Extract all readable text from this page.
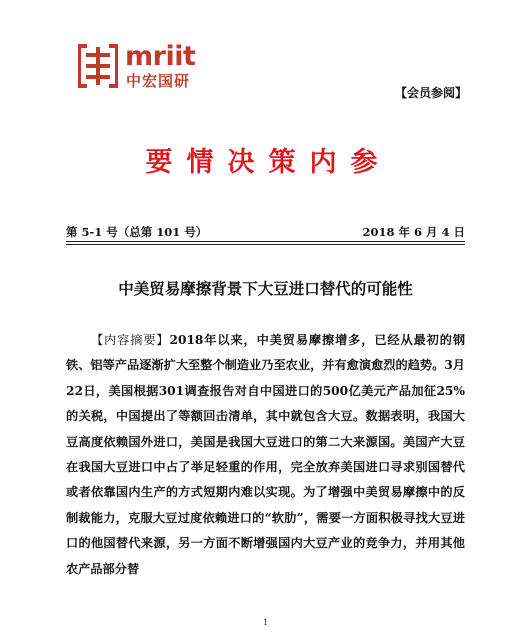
mriit
中宏国研
【会员参阅】
要情决策内参
第 5-1 号（总第 101 号）	2018 年 6 月 4 日
中美贸易摩擦背景下大豆进口替代的可能性

【内容摘要】2018年以来，中美贸易摩擦增多，已经从最初的钢铁、铝等产品逐渐扩大至整个制造业乃至农业，并有愈演愈烈的趋势。3月22日，美国根据301调查报告对自中国进口的500亿美元产品加征25%的关税，中国提出了等额回击清单，其中就包含大豆。数据表明，我国大豆高度依赖国外进口，美国是我国大豆进口的第二大来源国。美国产大豆在我国大豆进口中占了举足轻重的作用，完全放弃美国进口寻求别国替代或者依靠国内生产的方式短期内难以实现。为了增强中美贸易摩擦中的反制裁能力，克服大豆过度依赖进口的“软肋”，需要一方面积极寻找大豆进口的他国替代来源，另一方面不断增强国内大豆产业的竞争力，并用其他农产品部分替

1
